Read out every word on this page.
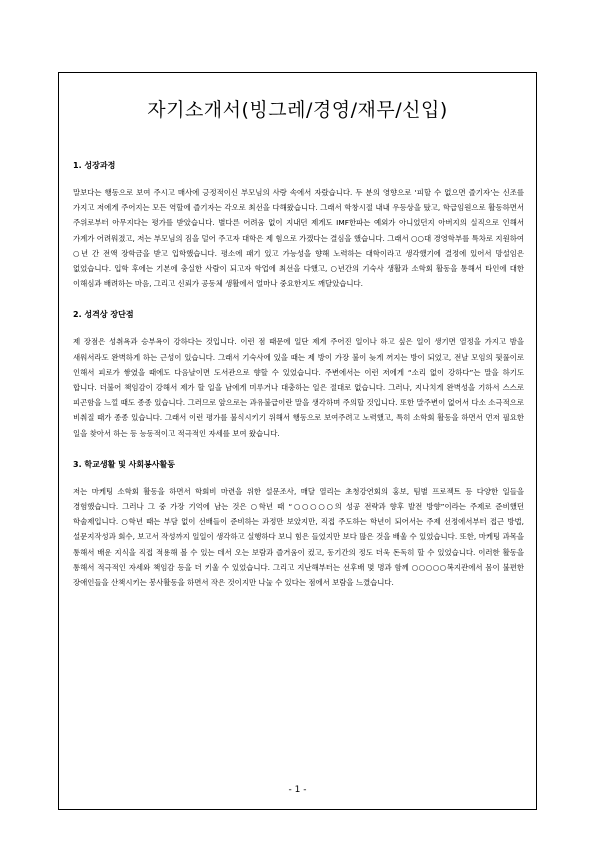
자기소개서(빙그레/경영/재무/신입)
1. 성장과정
말보다는 행동으로 보여 주시고 매사에 긍정적이신 부모님의 사랑 속에서 자랐습니다. 두 분의 영향으로 ‘피할 수 없으면 즐기자’는 신조를 가지고 저에게 주어지는 모든 역할에 즐기자는 각오로 최선을 다해왔습니다. 그래서 학창시절 내내 우등상을 탔고, 학급임원으로 활동하면서 주위로부터 아무지다는 평가를 받았습니다. 별다른 어려움 없이 지내던 제게도 IMF한파는 예외가 아니었던지 아버지의 실직으로 인해서 가계가 어려워졌고, 저는 부모님의 짐을 덜어 주고자 대학은 제 힘으로 가겠다는 결심을 했습니다. 그래서 ○○대 경영학부를 특차로 지원하여 ○년 간 전액 장학금을 받고 입학했습니다. 평소에 패기 있고 가능성을 향해 노력하는 대학이라고 생각했기에 결정에 있어서 망설임은 없었습니다. 입학 후에는 기본에 충실한 사람이 되고자 학업에 최선을 다했고, ○년간의 기숙사 생활과 소학회 활동을 통해서 타인에 대한 이해심과 배려하는 마음, 그리고 신뢰가 공동체 생활에서 얼마나 중요한지도 깨달았습니다.
2. 성격상 장단점
제 장점은 성취욕과 승부욕이 강하다는 것입니다. 이런 점 때문에 일단 제게 주어진 일이나 하고 싶은 일이 생기면 열정을 가지고 밤을 새워서라도 완벽하게 하는 근성이 있습니다. 그래서 기숙사에 있을 때는 제 방이 가장 불이 늦게 꺼지는 방이 되었고, 전날 모임의 뒷풀이로 인해서 피로가 쌓였을 때에도 다음날이면 도서관으로 향할 수 있었습니다. 주변에서는 이런 저에게 “소리 없이 강하다”는 말을 하기도 합니다. 더불어 책임감이 강해서 제가 할 일을 남에게 미루거나 대충하는 일은 절대로 없습니다. 그러나, 지나치게 완벽성을 기하서 스스로 피곤함을 느낄 때도 종종 있습니다. 그러므로 앞으로는 과유불급이란 말을 생각하며 주의할 것입니다. 또한 말주변이 없어서 다소 소극적으로 비춰질 때가 종종 있습니다. 그래서 이런 평가를 불식시키기 위해서 행동으로 보여주려고 노력했고, 특히 소학회 활동을 하면서 먼저 필요한 일을 찾아서 하는 등 능동적이고 적극적인 자세를 보여 왔습니다.
3. 학교생활 및 사회봉사활동
저는 마케팅 소학회 활동을 하면서 학회비 마련을 위한 설문조사, 매달 열리는 초청강연회의 홍보, 팀별 프로젝트 등 다양한 일들을 경험했습니다. 그러나 그 중 가장 기억에 남는 것은 ○학년 때 “○○○○○의 성공 전략과 향후 발전 방향”이라는 주제로 준비했던 학술제입니다. ○학년 때는 부담 없이 선배들이 준비하는 과정만 보았지만, 직접 주도하는 학년이 되어서는 주제 선정에서부터 접근 방법, 설문지작성과 회수, 보고서 작성까지 일일이 생각하고 실행하다 보니 힘은 들었지만 보다 많은 것을 배울 수 있었습니다. 또한, 마케팅 과목을 통해서 배운 지식을 직접 적용해 볼 수 있는 데서 오는 보람과 즐거움이 컸고, 동기간의 정도 더욱 돈독히 할 수 있었습니다. 이러한 활동을 통해서 적극적인 자세와 책임감 등을 더 키울 수 있었습니다. 그리고 지난해부터는 선후배 몇 명과 함께 ○○○○○복지관에서 몸이 불편한 장애인들을 산책시키는 봉사활동을 하면서 작은 것이지만 나눌 수 있다는 점에서 보람을 느꼈습니다.
- 1 -
